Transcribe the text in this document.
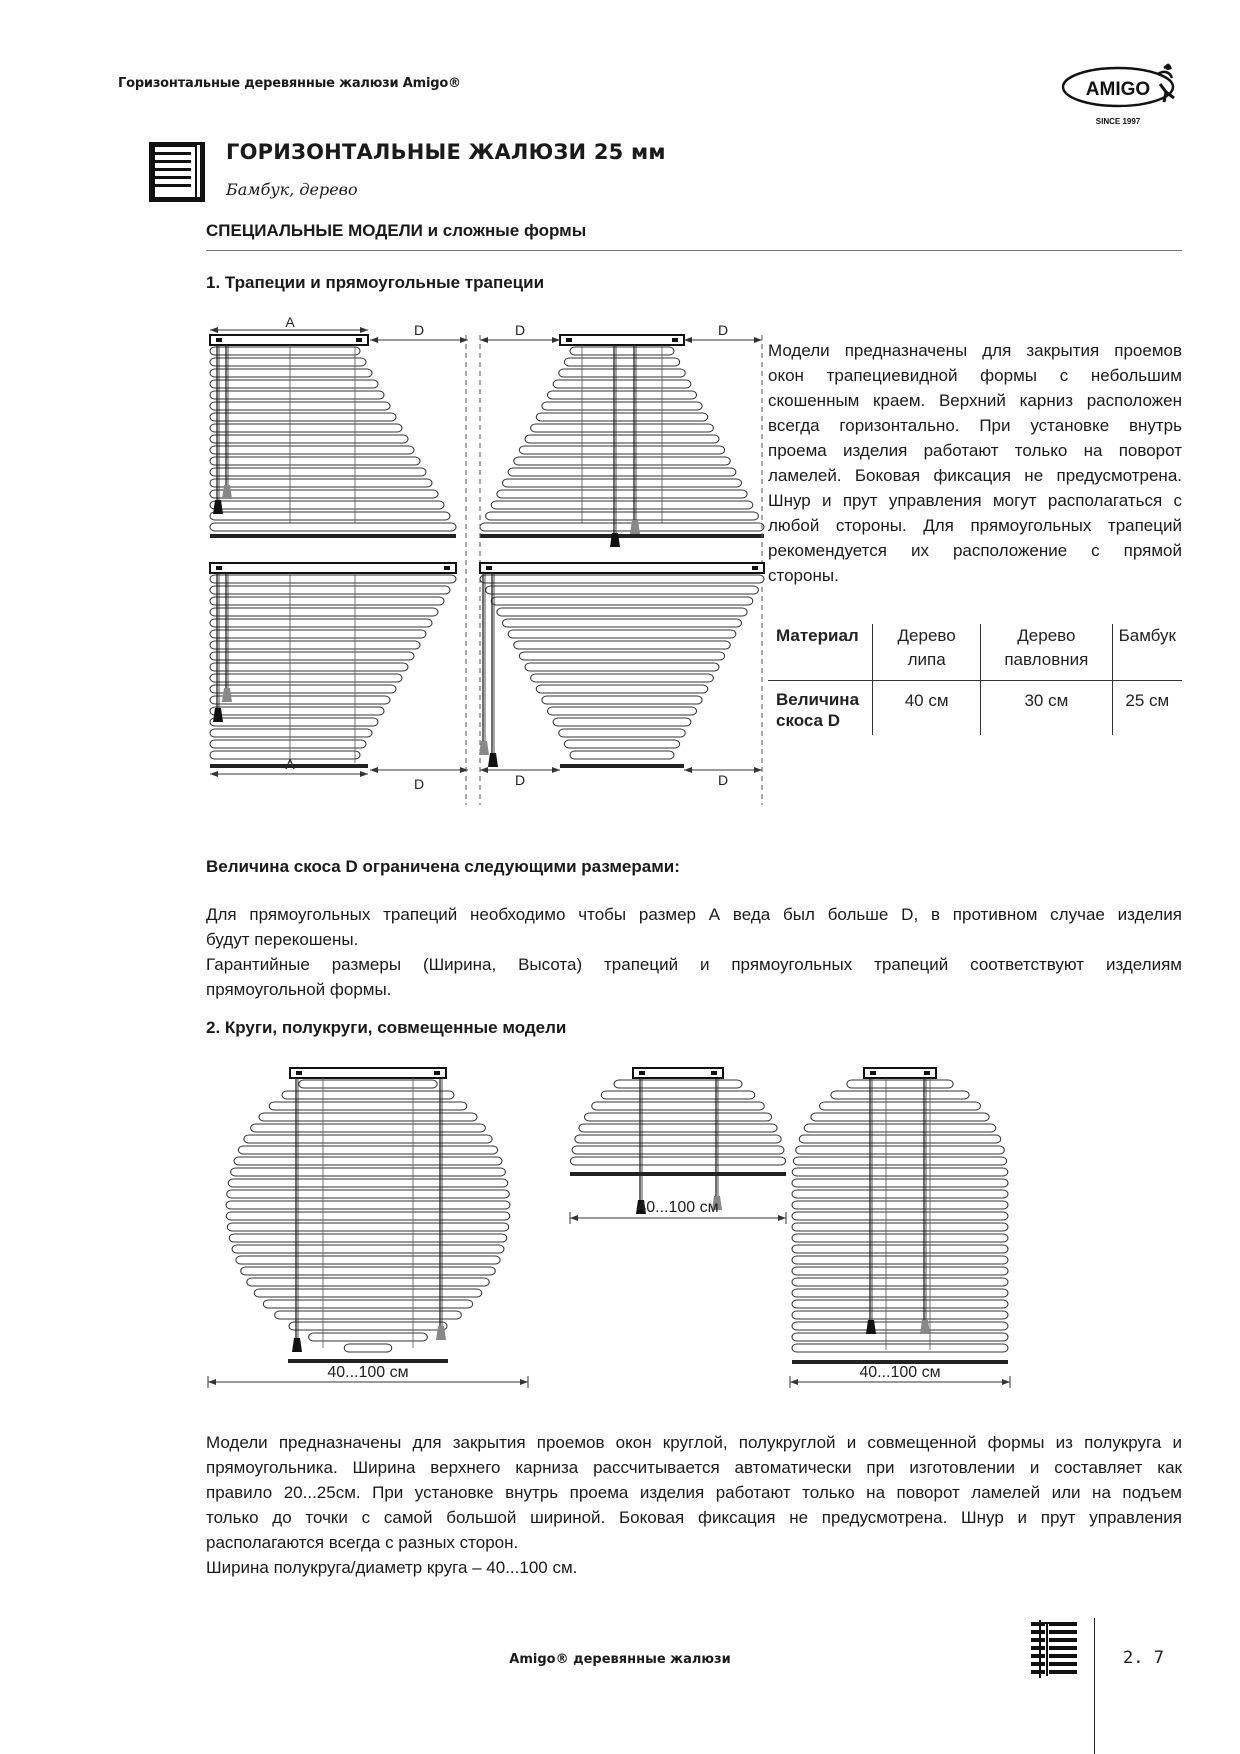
Горизонтальные деревянные жалюзи Amigo®	AMIGO
SINCE 1997
ГОРИЗОНТАЛЬНЫЕ ЖАЛЮЗИ 25 мм
Бамбук, дерево
СПЕЦИАЛЬНЫЕ МОДЕЛИ и сложные формы
1. Трапеции и прямоугольные трапеции
A	D	D	D
A
D	D	D
Модели предназначены для закрытия проемов
окон трапециевидной формы с небольшим
скошенным краем. Верхний карниз расположен
всегда горизонтально. При установке внутрь
проема изделия работают только на поворот
ламелей. Боковая фиксация не предусмотрена.
Шнур и прут управления могут располагаться с
любой стороны. Для прямоугольных трапеций
рекомендуется их расположение с прямой
стороны.
Материал	Дерево липа	Дерево павловния	Бамбук
Величина скоса D	40 см	30 см	25 см
Величина скоса D ограничена следующими размерами:
Для прямоугольных трапеций необходимо чтобы размер А веда был больше D, в противном случае изделия
будут перекошены.
Гарантийные размеры (Ширина, Высота) трапеций и прямоугольных трапеций соответствуют изделиям
прямоугольной формы.
2. Круги, полукруги, совмещенные модели
40...100 см
40...100 см
40...100 см
Модели предназначены для закрытия проемов окон круглой, полукруглой и совмещенной формы из полукруга и
прямоугольника. Ширина верхнего карниза рассчитывается автоматически при изготовлении и составляет как
правило 20...25см. При установке внутрь проема изделия работают только на поворот ламелей или на подъем
только до точки с самой большой шириной. Боковая фиксация не предусмотрена. Шнур и прут управления
располагаются всегда с разных сторон.
Ширина полукруга/диаметр круга – 40...100 см.
Amigo® деревянные жалюзи	2. 7
